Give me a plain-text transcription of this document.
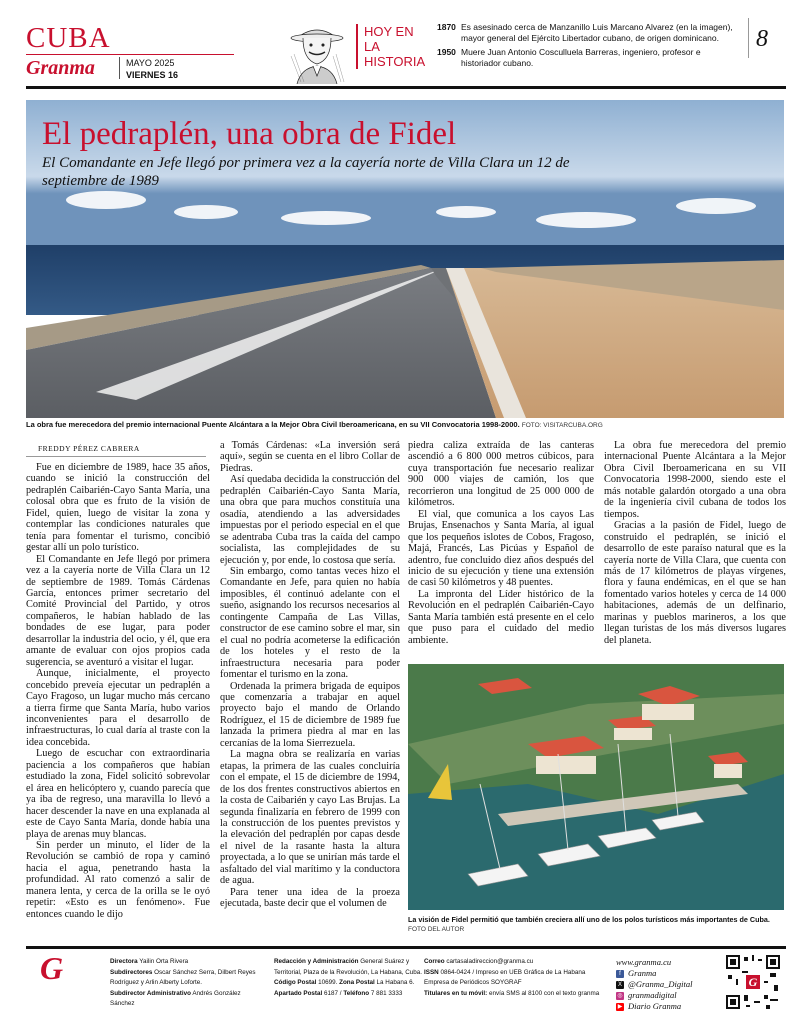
CUBA
Granma	MAYO 2025
VIERNES 16
HOY EN LA
HISTORIA
1870 Es asesinado cerca de Manzanillo Luis Marcano Alvarez (en la imagen), mayor general del Ejército Libertador cubano, de origen dominicano.
1950 Muere Juan Antonio Cosculluela Barreras, ingeniero, profesor e historiador cubano.
8
El pedraplén, una obra de Fidel
El Comandante en Jefe llegó por primera vez a la cayería norte de Villa Clara un 12 de septiembre de 1989
La obra fue merecedora del premio internacional Puente Alcántara a la Mejor Obra Civil Iberoamericana, en su VII Convocatoria 1998-2000. FOTO: VISITARCUBA.ORG
FREDDY PÉREZ CABRERA

Fue en diciembre de 1989, hace 35 años, cuando se inició la construcción del pedraplén Caibarién-Cayo Santa María, una colosal obra que es fruto de la visión de Fidel, quien, luego de visitar la zona y contemplar las condiciones naturales que tenía para fomentar el turismo, concibió gestar allí un polo turístico.

El Comandante en Jefe llegó por primera vez a la cayería norte de Villa Clara un 12 de septiembre de 1989. Tomás Cárdenas García, entonces primer secretario del Comité Provincial del Partido, y otros compañeros, le habían hablado de las bondades de ese lugar, para poder desarrollar la industria del ocio, y él, que era amante de evaluar con ojos propios cada sugerencia, se aventuró a visitar el lugar.

Aunque, inicialmente, el proyecto concebido preveía ejecutar un pedraplén a Cayo Fragoso, un lugar mucho más cercano a tierra firme que Santa María, hubo varios inconvenientes para el desarrollo de infraestructuras, lo cual daría al traste con la idea concebida.

Luego de escuchar con extraordinaria paciencia a los compañeros que habían estudiado la zona, Fidel solicitó sobrevolar el área en helicóptero y, cuando parecía que ya iba de regreso, una maravilla lo llevó a hacer descender la nave en una explanada al este de Cayo Santa María, donde había una playa de arenas muy blancas.

Sin perder un minuto, el líder de la Revolución se cambió de ropa y caminó hacia el agua, penetrando hasta la profundidad. Al rato comenzó a salir de manera lenta, y cerca de la orilla se le oyó repetir: «Esto es un fenómeno». Fue entonces cuando le dijo

a Tomás Cárdenas: «La inversión será aquí», según se cuenta en el libro Collar de Piedras.

Así quedaba decidida la construcción del pedraplén Caibarién-Cayo Santa María, una obra que para muchos constituía una osadía, atendiendo a las adversidades impuestas por el periodo especial en el que se adentraba Cuba tras la caída del campo socialista, las complejidades de su ejecución y, por ende, lo costosa que sería.

Sin embargo, como tantas veces hizo el Comandante en Jefe, para quien no había imposibles, él continuó adelante con el sueño, asignando los recursos necesarios al contingente Campaña de Las Villas, constructor de ese camino sobre el mar, sin el cual no podría acometerse la edificación de los hoteles y el resto de la infraestructura necesaria para poder fomentar el turismo en la zona.

Ordenada la primera brigada de equipos que comenzaría a trabajar en aquel proyecto bajo el mando de Orlando Rodríguez, el 15 de diciembre de 1989 fue lanzada la primera piedra al mar en las cercanías de la loma Sierrezuela.

La magna obra se realizaría en varias etapas, la primera de las cuales concluiría con el empate, el 15 de diciembre de 1994, de los dos frentes constructivos abiertos en la costa de Caibarién y cayo Las Brujas. La segunda finalizaría en febrero de 1999 con la construcción de los puentes previstos y la elevación del pedraplén por capas desde el nivel de la rasante hasta la altura proyectada, a lo que se unirían más tarde el asfaltado del vial marítimo y la conductora de agua.

Para tener una idea de la proeza ejecutada, baste decir que el volumen de

piedra caliza extraída de las canteras ascendió a 6 800 000 metros cúbicos, para cuya transportación fue necesario realizar 900 000 viajes de camión, los que recorrieron una longitud de 25 000 000 de kilómetros.

El vial, que comunica a los cayos Las Brujas, Ensenachos y Santa María, al igual que los pequeños islotes de Cobos, Fragoso, Majá, Francés, Las Picúas y Español de adentro, fue concluido diez años después del inicio de su ejecución y tiene una extensión de casi 50 kilómetros y 48 puentes.

La impronta del Líder histórico de la Revolución en el pedraplén Caibarién-Cayo Santa María también está presente en el celo que puso para el cuidado del medio ambiente.

La obra fue merecedora del premio internacional Puente Alcántara a la Mejor Obra Civil Iberoamericana en su VII Convocatoria 1998-2000, siendo este el más notable galardón otorgado a una obra de la ingeniería civil cubana de todos los tiempos.

Gracias a la pasión de Fidel, luego de construido el pedraplén, se inició el desarrollo de este paraíso natural que es la cayería norte de Villa Clara, que cuenta con más de 17 kilómetros de playas vírgenes, flora y fauna endémicas, en el que se han fomentado varios hoteles y cerca de 14 000 habitaciones, además de un delfinario, marinas y pueblos marineros, a los que llegan turistas de los más diversos lugares del planeta.

La visión de Fidel permitió que también creciera allí uno de los polos turísticos más importantes de Cuba.
FOTO DEL AUTOR
G	Directora Yailin Orta Rivera
Subdirectores Oscar Sánchez Serra, Dilbert Reyes Rodríguez y Arlin Alberty Loforte.
Subdirector Administrativo Andrés González Sánchez
Redacción y Administración General Suárez y Territorial, Plaza de la Revolución, La Habana, Cuba.
Código Postal 10699. Zona Postal La Habana 6.
Apartado Postal 6187 / Teléfono 7 881 3333
Correo cartasaladireccion@granma.cu
ISSN 0864-0424 / Impreso en UEB Gráfica de La Habana
Empresa de Periódicos SOYGRAF
Titulares en tu móvil: envía SMS al 8100 con el texto granma
www.granma.cu
f Granma
X @Granma_Digital
◎ granmadigital
▶ Diario Granma
G
